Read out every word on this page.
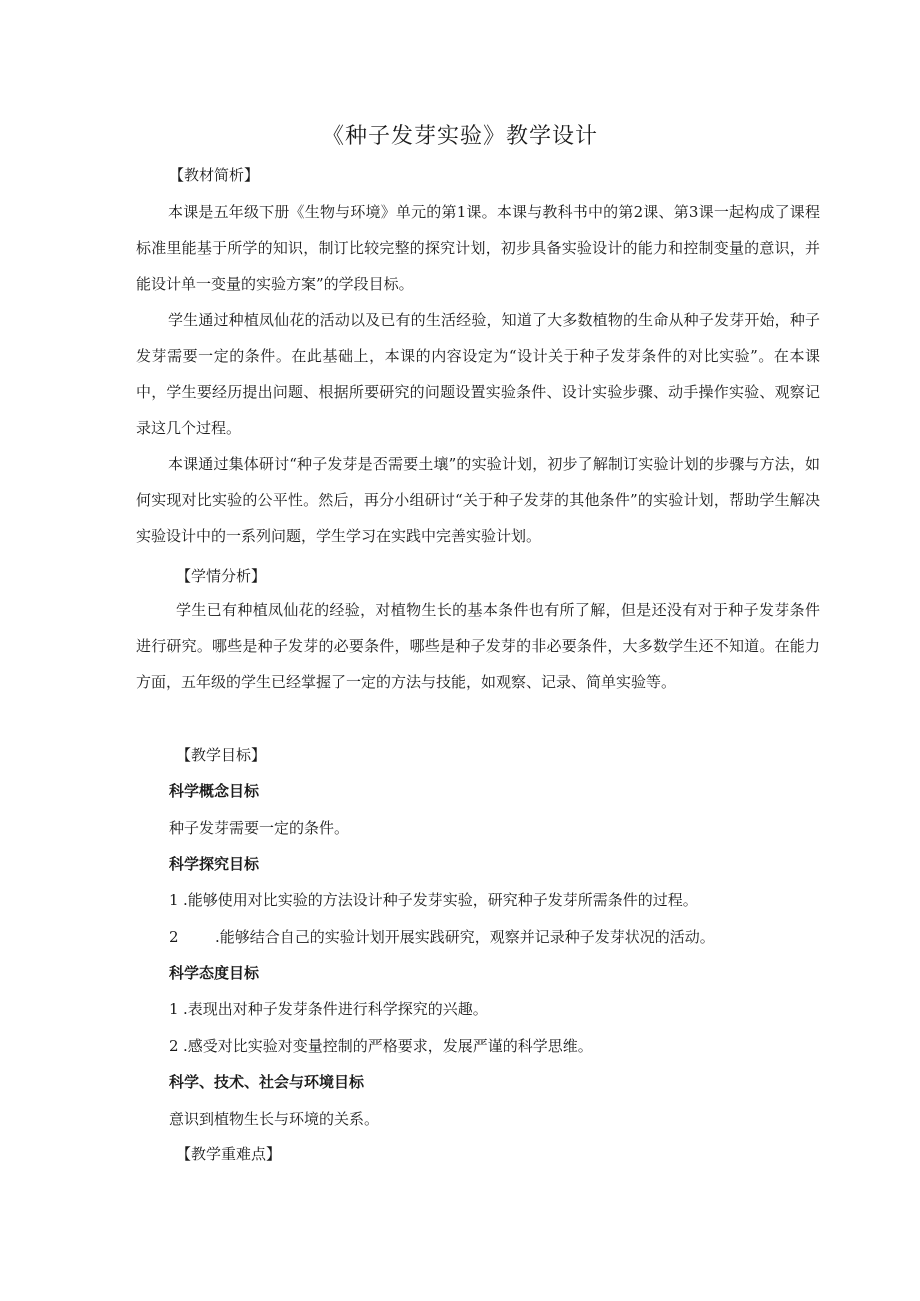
《种子发芽实验》教学设计
【教材简析】
本课是五年级下册《生物与环境》单元的第1课。本课与教科书中的第2课、第3课一起构成了课程标准里能基于所学的知识，制订比较完整的探究计划，初步具备实验设计的能力和控制变量的意识，并能设计单一变量的实验方案”的学段目标。
学生通过种植凤仙花的活动以及已有的生活经验，知道了大多数植物的生命从种子发芽开始，种子发芽需要一定的条件。在此基础上，本课的内容设定为“设计关于种子发芽条件的对比实验”。在本课中，学生要经历提出问题、根据所要研究的问题设置实验条件、设计实验步骤、动手操作实验、观察记录这几个过程。
本课通过集体研讨“种子发芽是否需要土壤”的实验计划，初步了解制订实验计划的步骤与方法，如何实现对比实验的公平性。然后，再分小组研讨“关于种子发芽的其他条件”的实验计划，帮助学生解决实验设计中的一系列问题，学生学习在实践中完善实验计划。
【学情分析】
学生已有种植凤仙花的经验，对植物生长的基本条件也有所了解，但是还没有对于种子发芽条件进行研究。哪些是种子发芽的必要条件，哪些是种子发芽的非必要条件，大多数学生还不知道。在能力方面，五年级的学生已经掌握了一定的方法与技能，如观察、记录、简单实验等。
【教学目标】
科学概念目标
种子发芽需要一定的条件。
科学探究目标
1 .能够使用对比实验的方法设计种子发芽实验，研究种子发芽所需条件的过程。
2 .能够结合自己的实验计划开展实践研究，观察并记录种子发芽状况的活动。
科学态度目标
1 .表现出对种子发芽条件进行科学探究的兴趣。
2 .感受对比实验对变量控制的严格要求，发展严谨的科学思维。
科学、技术、社会与环境目标
意识到植物生长与环境的关系。
【教学重难点】
